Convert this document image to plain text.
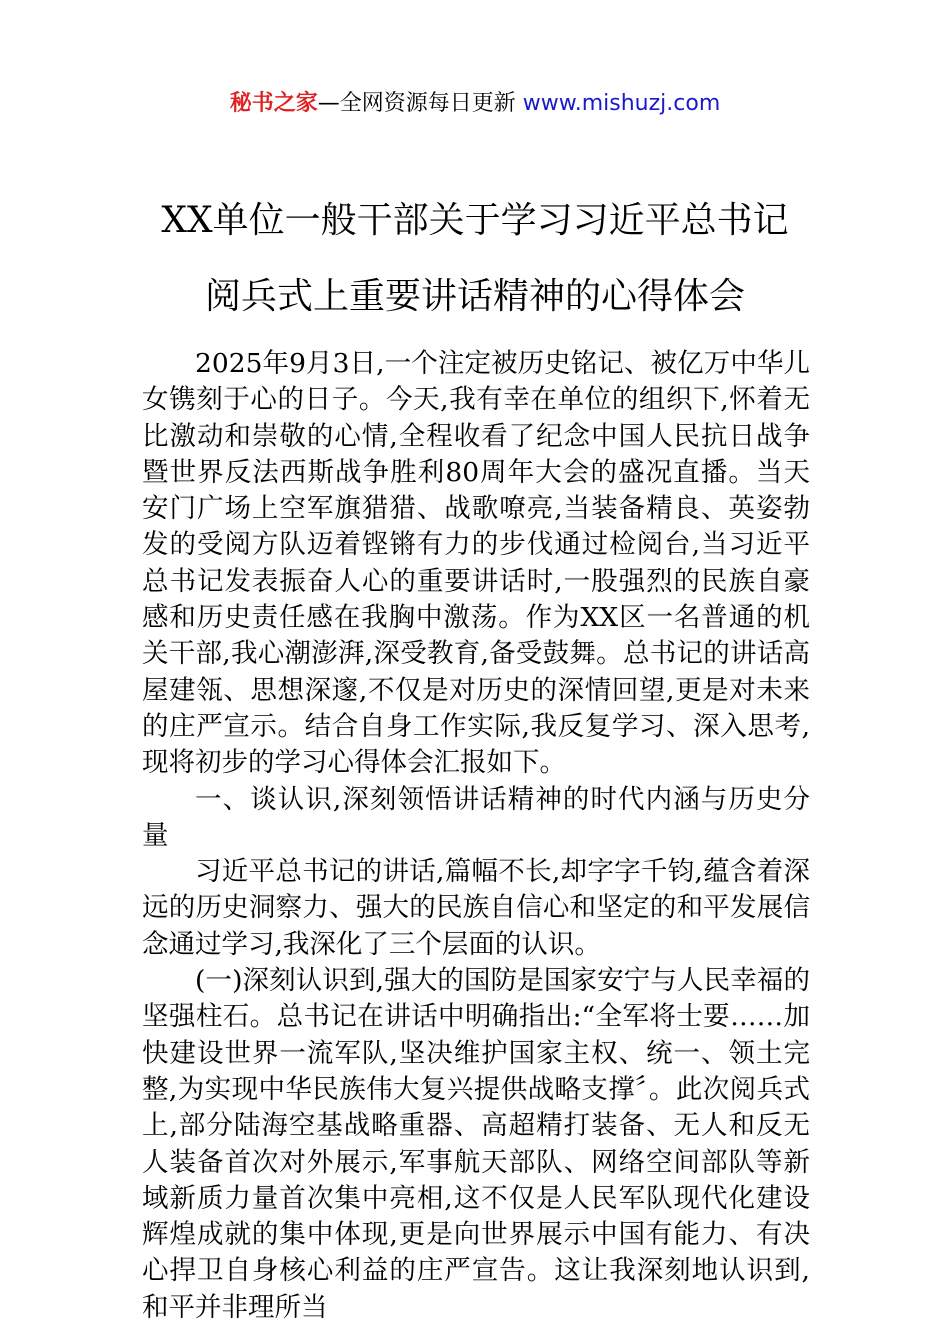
秘书之家—全网资源每日更新 www.mishuzj.com
XX单位一般干部关于学习习近平总书记
阅兵式上重要讲话精神的心得体会

2025年9月3日,一个注定被历史铭记、被亿万中华儿女镌刻于心的日子。今天,我有幸在单位的组织下,怀着无比激动和崇敬的心情,全程收看了纪念中国人民抗日战争暨世界反法西斯战争胜利80周年大会的盛况直播。当天安门广场上空军旗猎猎、战歌嘹亮,当装备精良、英姿勃发的受阅方队迈着铿锵有力的步伐通过检阅台,当习近平总书记发表振奋人心的重要讲话时,一股强烈的民族自豪感和历史责任感在我胸中激荡。作为XX区一名普通的机关干部,我心潮澎湃,深受教育,备受鼓舞。总书记的讲话高屋建瓴、思想深邃,不仅是对历史的深情回望,更是对未来的庄严宣示。结合自身工作实际,我反复学习、深入思考,现将初步的学习心得体会汇报如下。

一、谈认识,深刻领悟讲话精神的时代内涵与历史分量

习近平总书记的讲话,篇幅不长,却字字千钧,蕴含着深远的历史洞察力、强大的民族自信心和坚定的和平发展信念通过学习,我深化了三个层面的认识。

(一)深刻认识到,强大的国防是国家安宁与人民幸福的坚强柱石。总书记在讲话中明确指出:“全军将士要……加快建设世界一流军队,坚决维护国家主权、统一、领土完整,为实现中华民族伟大复兴提供战略支撑〞。此次阅兵式上,部分陆海空基战略重器、高超精打装备、无人和反无人装备首次对外展示,军事航天部队、网络空间部队等新域新质力量首次集中亮相,这不仅是人民军队现代化建设辉煌成就的集中体现,更是向世界展示中国有能力、有决心捍卫自身核心利益的庄严宣告。这让我深刻地认识到,和平并非理所当
